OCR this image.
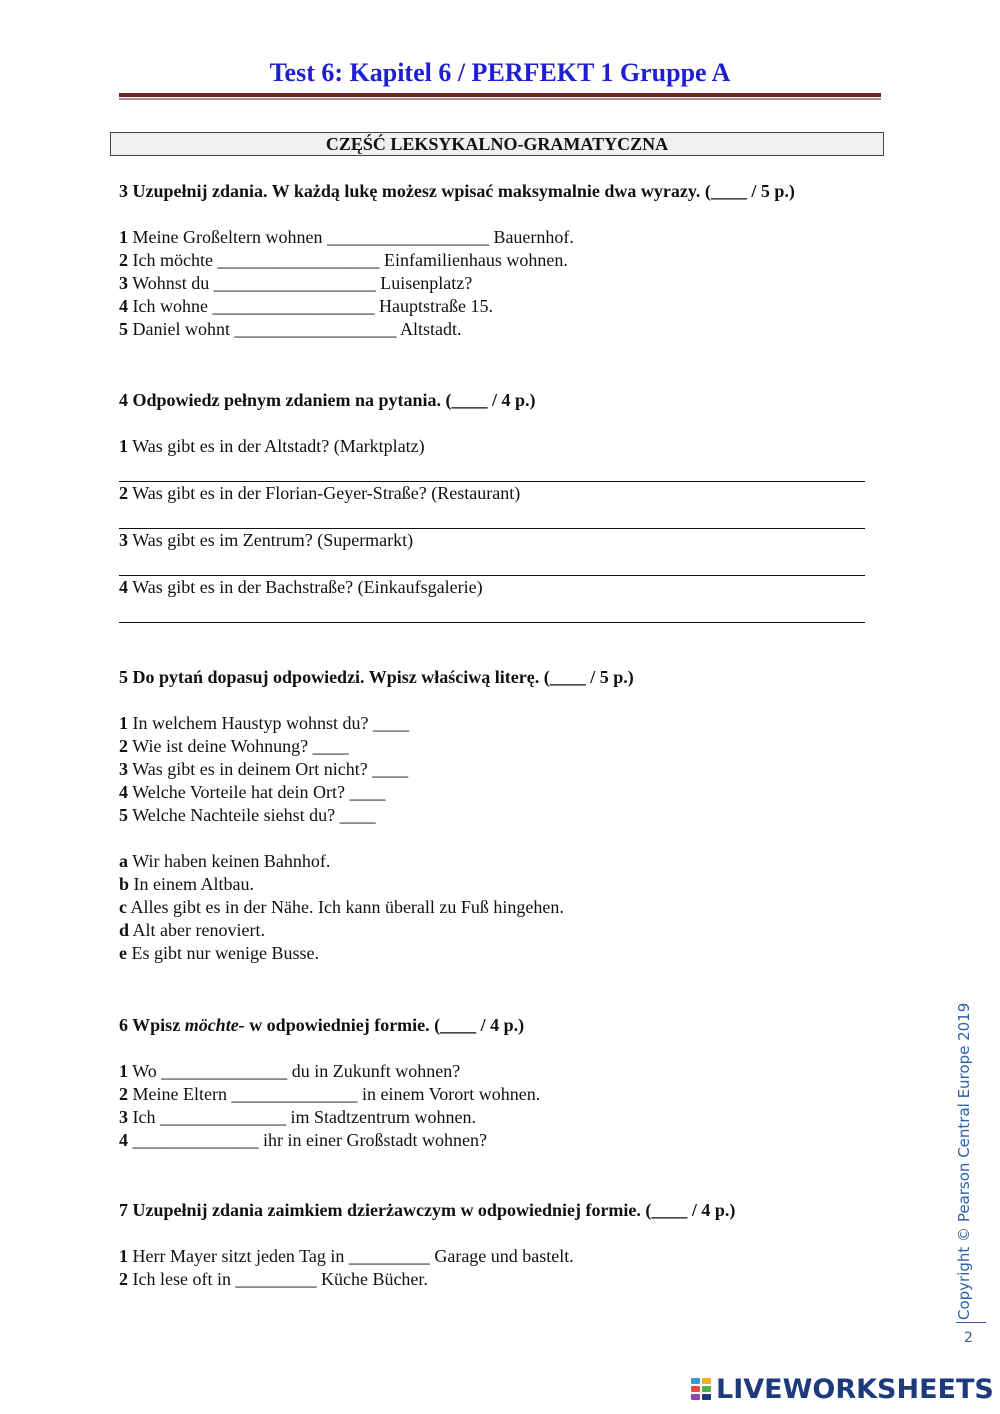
Test 6: Kapitel 6 / PERFEKT 1 Gruppe A
CZĘŚĆ LEKSYKALNO-GRAMATYCZNA

3 Uzupełnij zdania. W każdą lukę możesz wpisać maksymalnie dwa wyrazy. (____ / 5 p.)

1 Meine Großeltern wohnen __________________ Bauernhof.

2 Ich möchte __________________ Einfamilienhaus wohnen.

3 Wohnst du __________________ Luisenplatz?

4 Ich wohne __________________ Hauptstraße 15.

5 Daniel wohnt __________________ Altstadt.

4 Odpowiedz pełnym zdaniem na pytania. (____ / 4 p.)

1 Was gibt es in der Altstadt? (Marktplatz)

2 Was gibt es in der Florian-Geyer-Straße? (Restaurant)

3 Was gibt es im Zentrum? (Supermarkt)

4 Was gibt es in der Bachstraße? (Einkaufsgalerie)

5 Do pytań dopasuj odpowiedzi. Wpisz właściwą literę. (____ / 5 p.)

1 In welchem Haustyp wohnst du? ____

2 Wie ist deine Wohnung? ____

3 Was gibt es in deinem Ort nicht? ____

4 Welche Vorteile hat dein Ort? ____

5 Welche Nachteile siehst du? ____

a Wir haben keinen Bahnhof.

b In einem Altbau.

c Alles gibt es in der Nähe. Ich kann überall zu Fuß hingehen.

d Alt aber renoviert.

e Es gibt nur wenige Busse.

6 Wpisz möchte- w odpowiedniej formie. (____ / 4 p.)

1 Wo ______________ du in Zukunft wohnen?

2 Meine Eltern ______________ in einem Vorort wohnen.

3 Ich ______________ im Stadtzentrum wohnen.

4 ______________ ihr in einer Großstadt wohnen?

7 Uzupełnij zdania zaimkiem dzierżawczym w odpowiedniej formie. (____ / 4 p.)

1 Herr Mayer sitzt jeden Tag in _________ Garage und bastelt.

2 Ich lese oft in _________ Küche Bücher.	Copyright © Pearson Central Europe 2019
2
LIVEWORKSHEETS
